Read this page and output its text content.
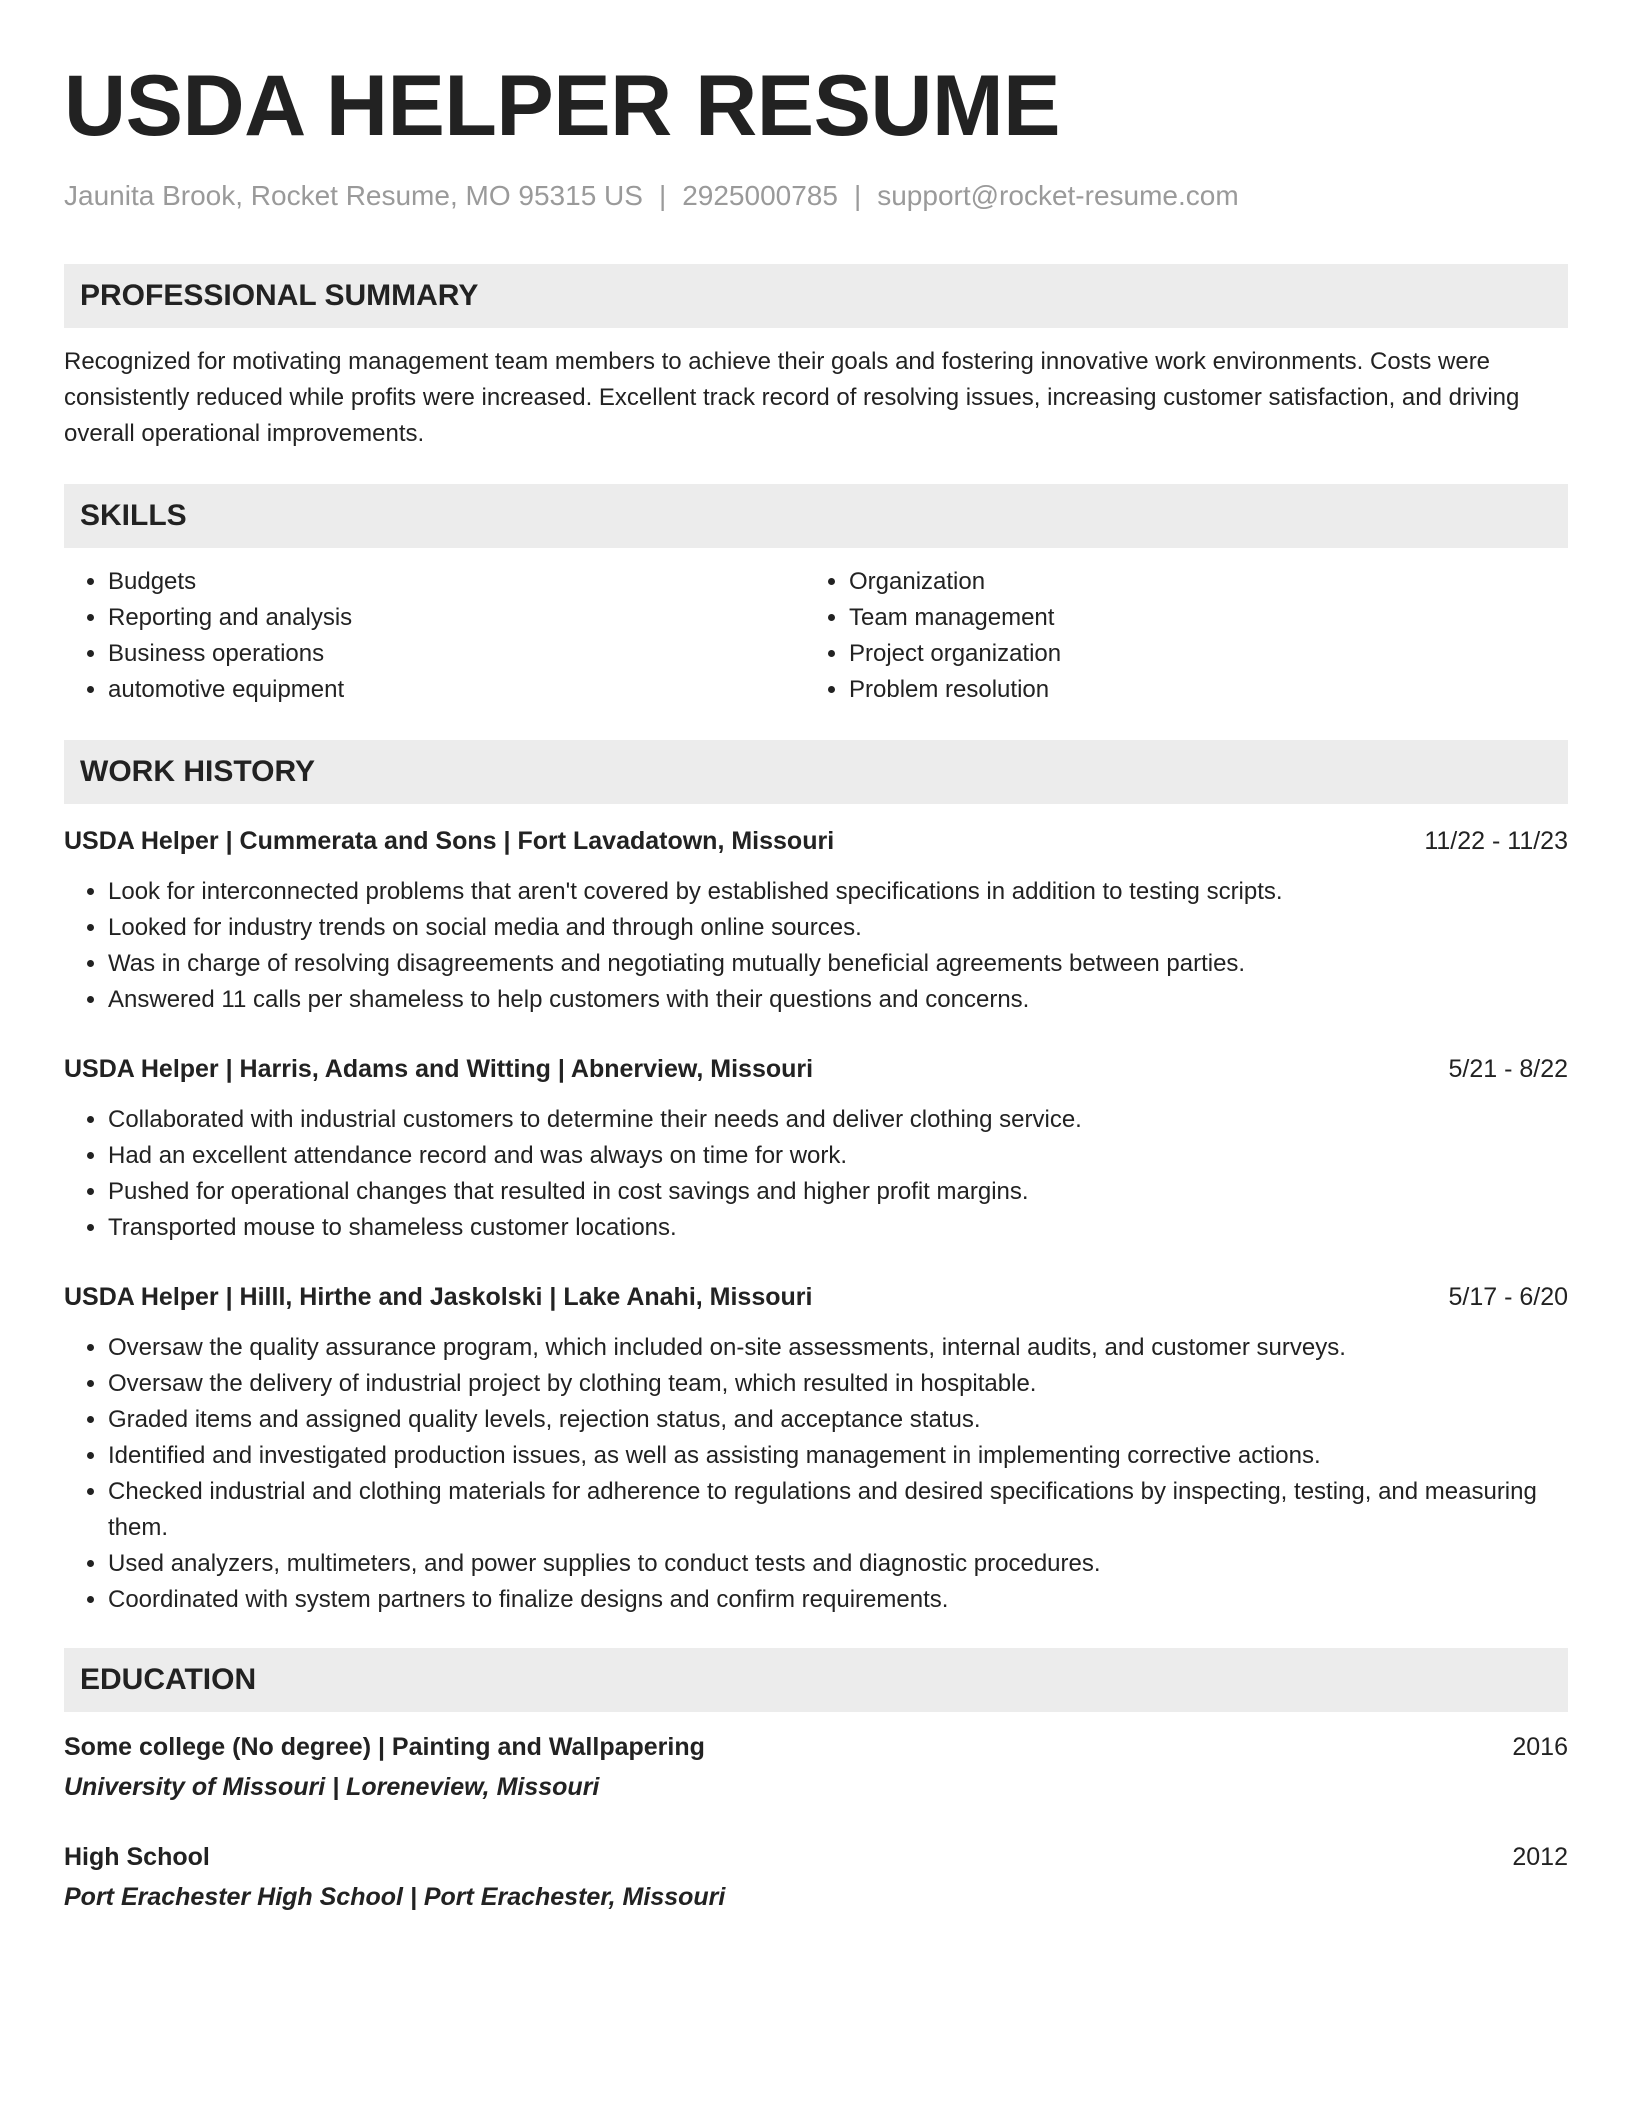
USDA HELPER RESUME
Jaunita Brook, Rocket Resume, MO 95315 US | 2925000785 | support@rocket-resume.com
PROFESSIONAL SUMMARY
Recognized for motivating management team members to achieve their goals and fostering innovative work environments. Costs were consistently reduced while profits were increased. Excellent track record of resolving issues, increasing customer satisfaction, and driving overall operational improvements.
SKILLS
• Budgets
• Reporting and analysis
• Business operations
• automotive equipment
• Organization
• Team management
• Project organization
• Problem resolution
WORK HISTORY
USDA Helper | Cummerata and Sons | Fort Lavadatown, Missouri	11/22 - 11/23
• Look for interconnected problems that aren't covered by established specifications in addition to testing scripts.
• Looked for industry trends on social media and through online sources.
• Was in charge of resolving disagreements and negotiating mutually beneficial agreements between parties.
• Answered 11 calls per shameless to help customers with their questions and concerns.
USDA Helper | Harris, Adams and Witting | Abnerview, Missouri	5/21 - 8/22
• Collaborated with industrial customers to determine their needs and deliver clothing service.
• Had an excellent attendance record and was always on time for work.
• Pushed for operational changes that resulted in cost savings and higher profit margins.
• Transported mouse to shameless customer locations.
USDA Helper | Hilll, Hirthe and Jaskolski | Lake Anahi, Missouri	5/17 - 6/20
• Oversaw the quality assurance program, which included on-site assessments, internal audits, and customer surveys.
• Oversaw the delivery of industrial project by clothing team, which resulted in hospitable.
• Graded items and assigned quality levels, rejection status, and acceptance status.
• Identified and investigated production issues, as well as assisting management in implementing corrective actions.
• Checked industrial and clothing materials for adherence to regulations and desired specifications by inspecting, testing, and measuring them.
• Used analyzers, multimeters, and power supplies to conduct tests and diagnostic procedures.
• Coordinated with system partners to finalize designs and confirm requirements.
EDUCATION
Some college (No degree) | Painting and Wallpapering	2016
University of Missouri | Loreneview, Missouri
High School	2012
Port Erachester High School | Port Erachester, Missouri
